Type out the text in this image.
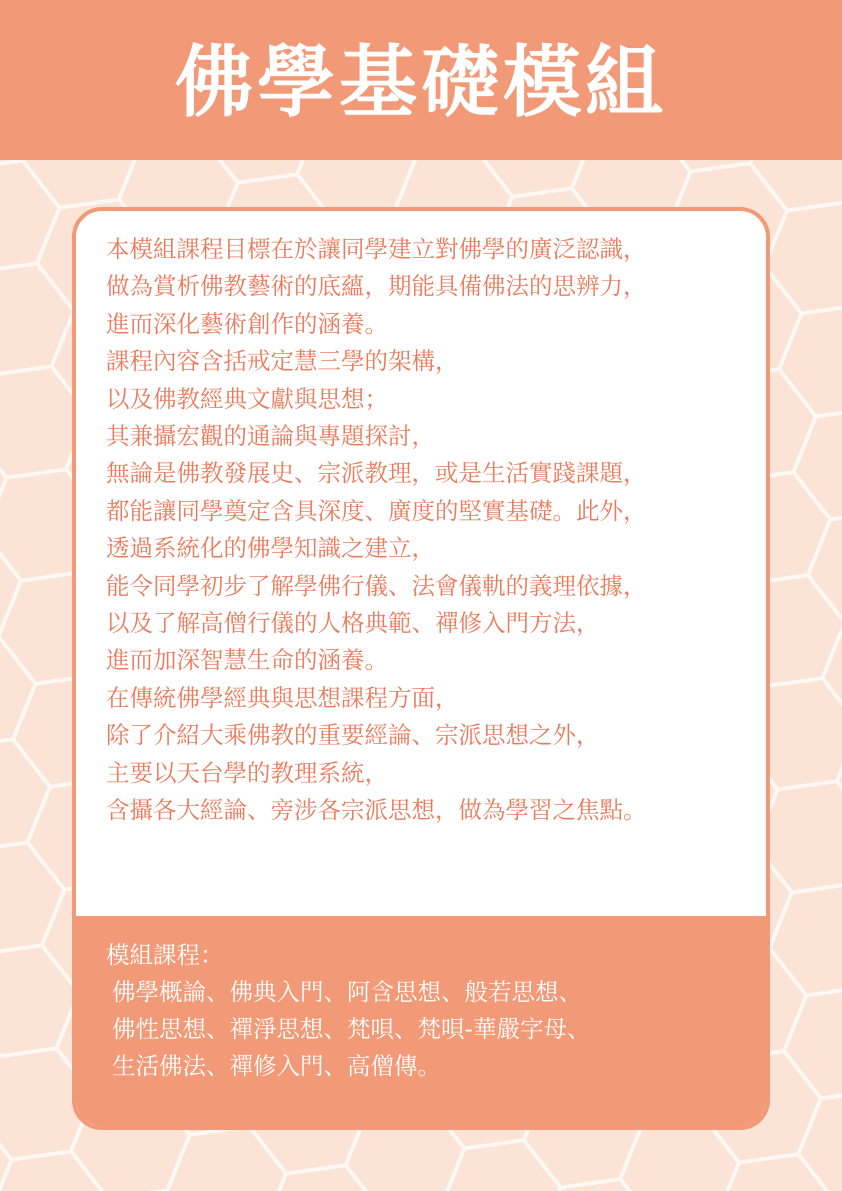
佛學基礎模組
本模組課程目標在於讓同學建立對佛學的廣泛認識，
做為賞析佛教藝術的底蘊，期能具備佛法的思辨力，
進而深化藝術創作的涵養。
課程內容含括戒定慧三學的架構，
以及佛教經典文獻與思想；
其兼攝宏觀的通論與專題探討，
無論是佛教發展史、宗派教理，或是生活實踐課題，
都能讓同學奠定含具深度、廣度的堅實基礎。此外，
透過系統化的佛學知識之建立，
能令同學初步了解學佛行儀、法會儀軌的義理依據，
以及了解高僧行儀的人格典範、禪修入門方法，
進而加深智慧生命的涵養。
在傳統佛學經典與思想課程方面，
除了介紹大乘佛教的重要經論、宗派思想之外，
主要以天台學的教理系統，
含攝各大經論、旁涉各宗派思想，做為學習之焦點。
模組課程：
佛學概論、佛典入門、阿含思想、般若思想、
佛性思想、禪淨思想、梵唄、梵唄-華嚴字母、
生活佛法、禪修入門、高僧傳。
